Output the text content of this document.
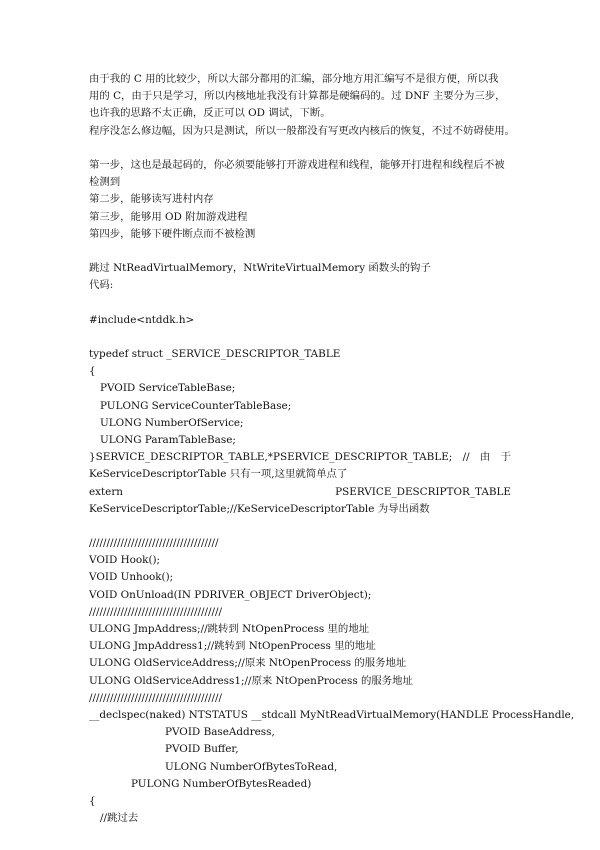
由于我的 C 用的比较少，所以大部分都用的汇编，部分地方用汇编写不是很方便，所以我
用的 C，由于只是学习，所以内核地址我没有计算都是硬编码的。过 DNF 主要分为三步，
也许我的思路不太正确，反正可以 OD 调试，下断。
程序没怎么修边幅，因为只是测试，所以一般都没有写更改内核后的恢复，不过不妨碍使用。
第一步，这也是最起码的，你必须要能够打开游戏进程和线程，能够开打进程和线程后不被
检测到
第二步，能够读写进村内存
第三步，能够用 OD 附加游戏进程
第四步，能够下硬件断点而不被检测
跳过 NtReadVirtualMemory，NtWriteVirtualMemory 函数头的钩子
代码:
#include<ntddk.h>
typedef struct _SERVICE_DESCRIPTOR_TABLE
{
PVOID ServiceTableBase;
PULONG ServiceCounterTableBase;
ULONG NumberOfService;
ULONG ParamTableBase;
}SERVICE_DESCRIPTOR_TABLE,*PSERVICE_DESCRIPTOR_TABLE; // 由 于
KeServiceDescriptorTable 只有一项,这里就简单点了
extern	PSERVICE_DESCRIPTOR_TABLE
KeServiceDescriptorTable;//KeServiceDescriptorTable 为导出函数
/////////////////////////////////////
VOID Hook();
VOID Unhook();
VOID OnUnload(IN PDRIVER_OBJECT DriverObject);
//////////////////////////////////////
ULONG JmpAddress;//跳转到 NtOpenProcess 里的地址
ULONG JmpAddress1;//跳转到 NtOpenProcess 里的地址
ULONG OldServiceAddress;//原来 NtOpenProcess 的服务地址
ULONG OldServiceAddress1;//原来 NtOpenProcess 的服务地址
//////////////////////////////////////
__declspec(naked) NTSTATUS __stdcall MyNtReadVirtualMemory(HANDLE ProcessHandle,
PVOID BaseAddress,
PVOID Buffer,
ULONG NumberOfBytesToRead,
PULONG NumberOfBytesReaded)
{
//跳过去
